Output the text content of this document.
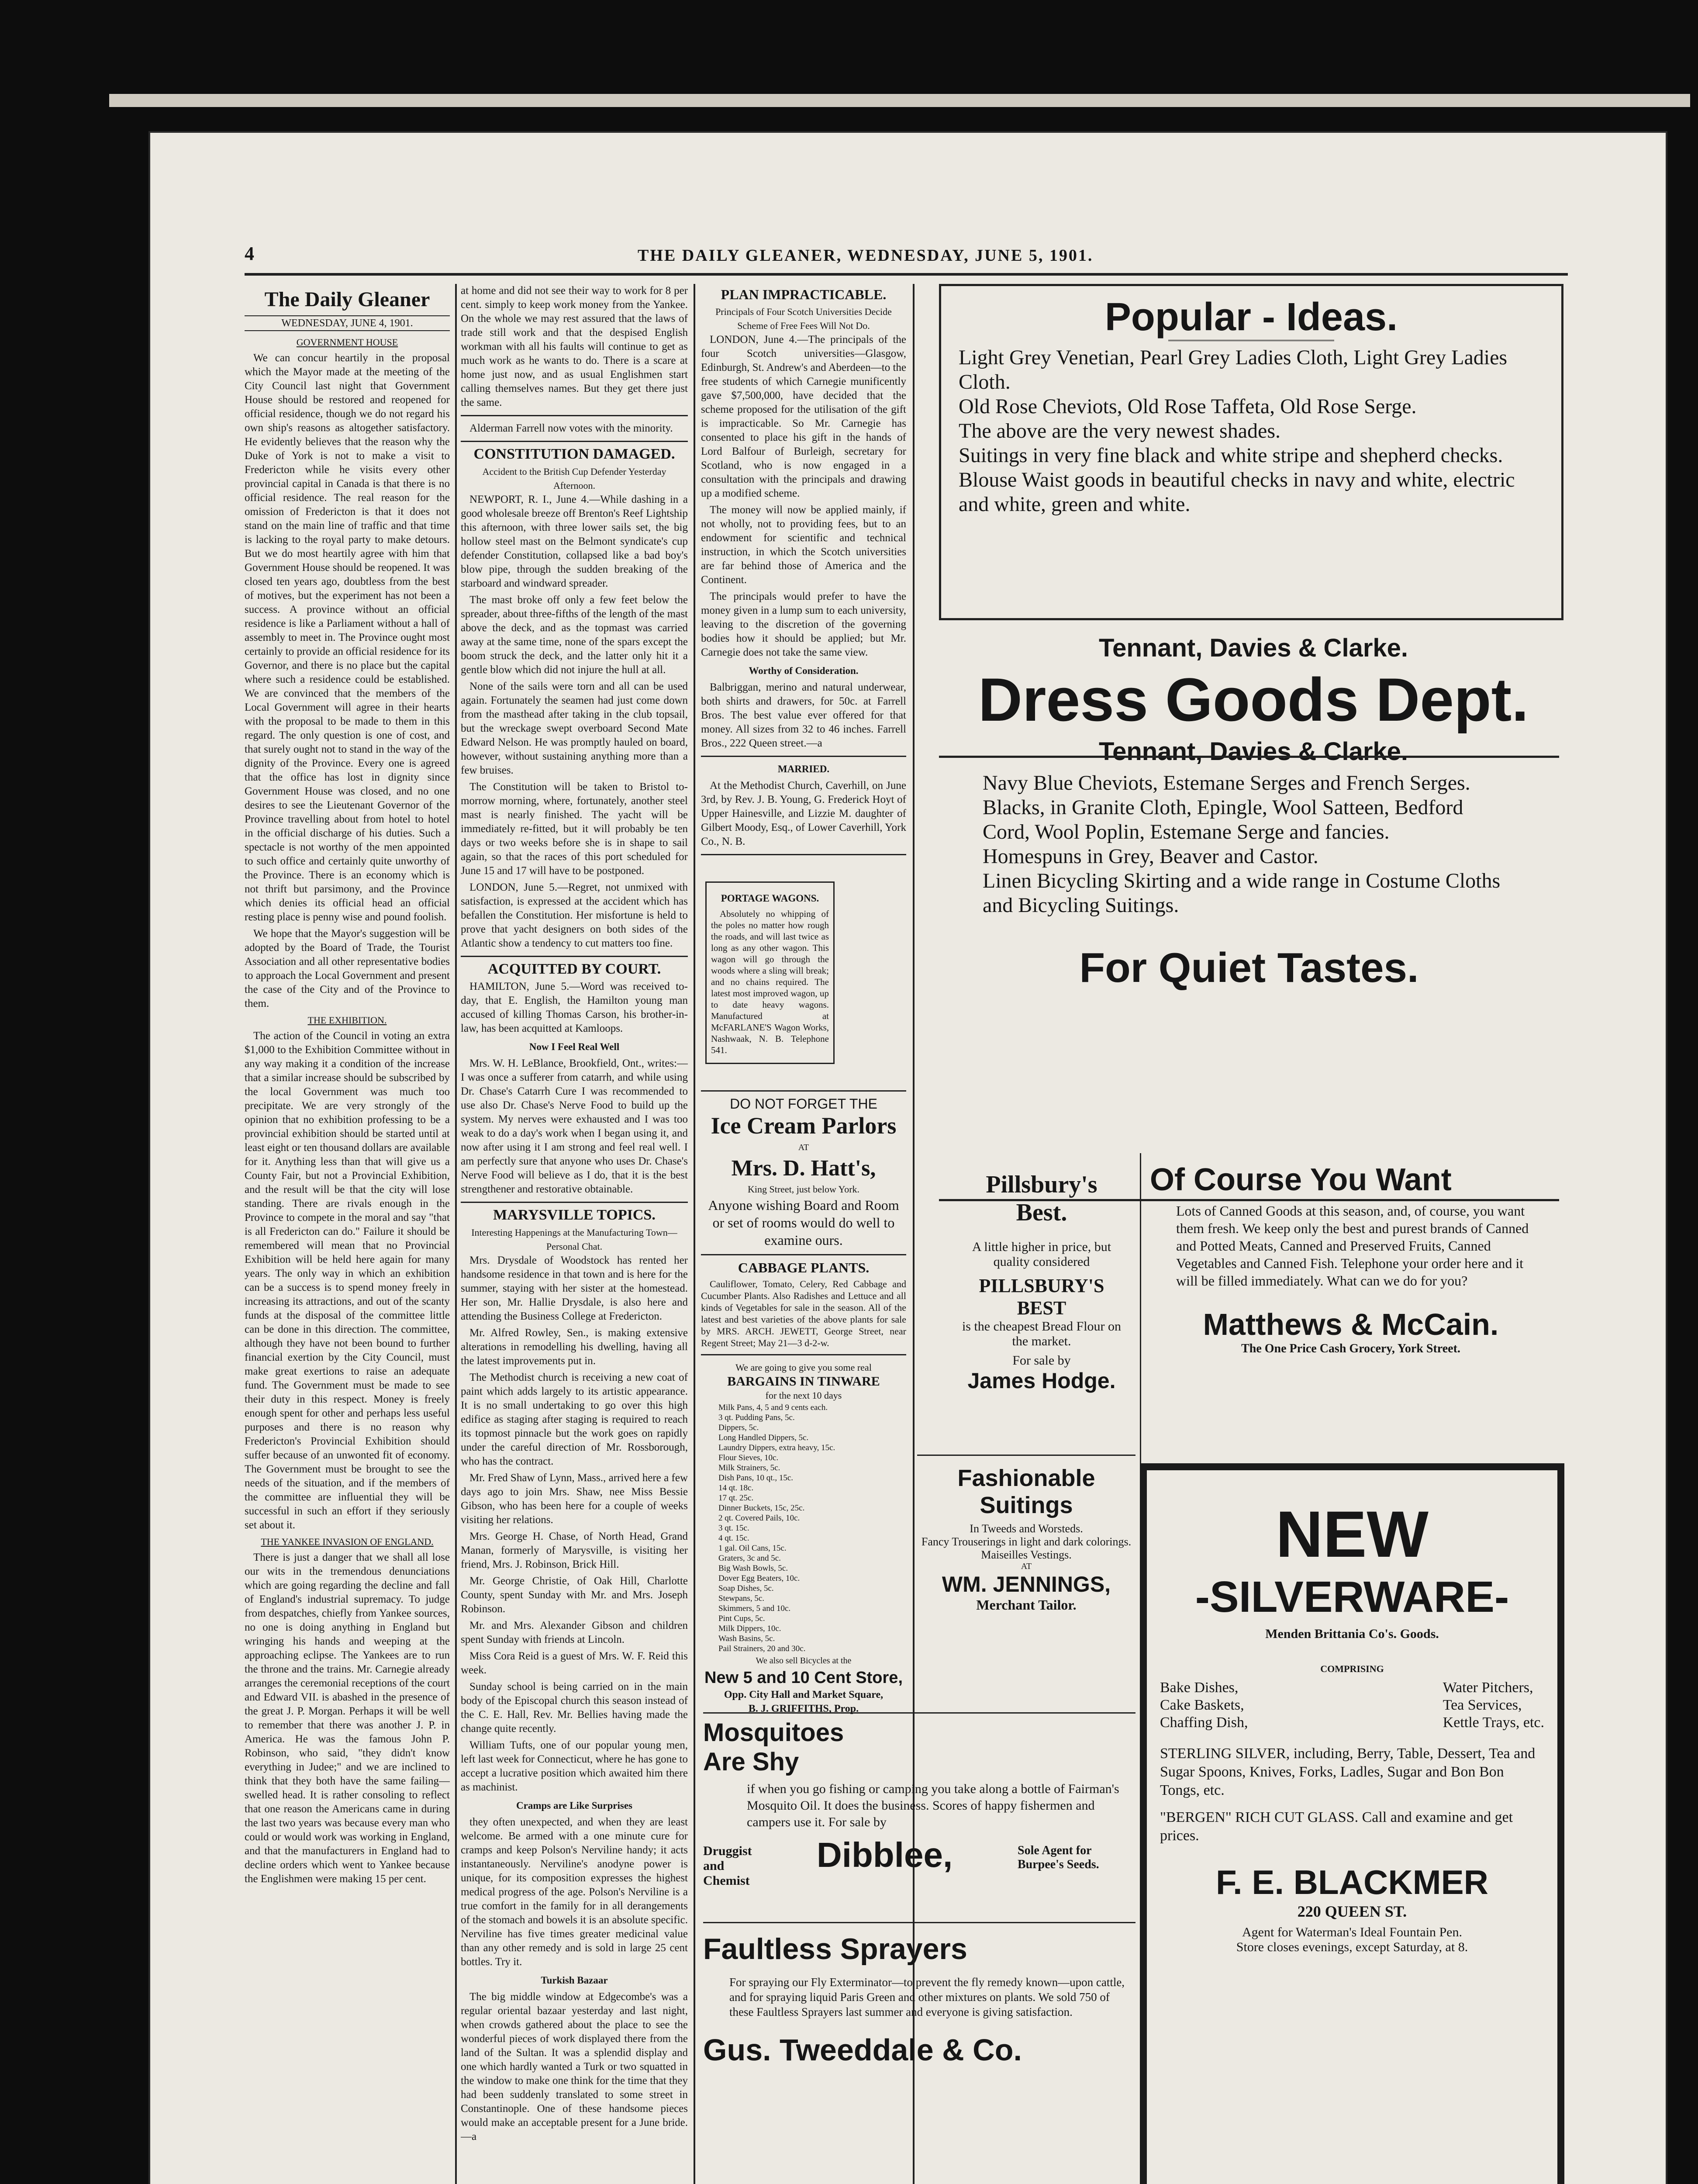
4	THE DAILY GLEANER, WEDNESDAY, JUNE 5, 1901.
The Daily Gleaner
WEDNESDAY, JUNE 4, 1901.
GOVERNMENT HOUSE

We can concur heartily in the proposal which the Mayor made at the meeting of the City Council last night that Government House should be restored and reopened for official residence, though we do not regard his own ship's reasons as altogether satisfactory. He evidently believes that the reason why the Duke of York is not to make a visit to Fredericton while he visits every other provincial capital in Canada is that there is no official residence. The real reason for the omission of Fredericton is that it does not stand on the main line of traffic and that time is lacking to the royal party to make detours. But we do most heartily agree with him that Government House should be reopened. It was closed ten years ago, doubtless from the best of motives, but the experiment has not been a success. A province without an official residence is like a Parliament without a hall of assembly to meet in. The Province ought most certainly to provide an official residence for its Governor, and there is no place but the capital where such a residence could be established. We are convinced that the members of the Local Government will agree in their hearts with the proposal to be made to them in this regard. The only question is one of cost, and that surely ought not to stand in the way of the dignity of the Province. Every one is agreed that the office has lost in dignity since Government House was closed, and no one desires to see the Lieutenant Governor of the Province travelling about from hotel to hotel in the official discharge of his duties. Such a spectacle is not worthy of the men appointed to such office and certainly quite unworthy of the Province. There is an economy which is not thrift but parsimony, and the Province which denies its official head an official resting place is penny wise and pound foolish.

We hope that the Mayor's suggestion will be adopted by the Board of Trade, the Tourist Association and all other representative bodies to approach the Local Government and present the case of the City and of the Province to them.

THE EXHIBITION.

The action of the Council in voting an extra $1,000 to the Exhibition Committee without in any way making it a condition of the increase that a similar increase should be subscribed by the local Government was much too precipitate. We are very strongly of the opinion that no exhibition professing to be a provincial exhibition should be started until at least eight or ten thousand dollars are available for it. Anything less than that will give us a County Fair, but not a Provincial Exhibition, and the result will be that the city will lose standing. There are rivals enough in the Province to compete in the moral and say "that is all Fredericton can do." Failure it should be remembered will mean that no Provincial Exhibition will be held here again for many years. The only way in which an exhibition can be a success is to spend money freely in increasing its attractions, and out of the scanty funds at the disposal of the committee little can be done in this direction. The committee, although they have not been bound to further financial exertion by the City Council, must make great exertions to raise an adequate fund. The Government must be made to see their duty in this respect. Money is freely enough spent for other and perhaps less useful purposes and there is no reason why Fredericton's Provincial Exhibition should suffer because of an unwonted fit of economy. The Government must be brought to see the needs of the situation, and if the members of the committee are influential they will be successful in such an effort if they seriously set about it.

THE YANKEE INVASION OF ENGLAND.

There is just a danger that we shall all lose our wits in the tremendous denunciations which are going regarding the decline and fall of England's industrial supremacy. To judge from despatches, chiefly from Yankee sources, no one is doing anything in England but wringing his hands and weeping at the approaching eclipse. The Yankees are to run the throne and the trains. Mr. Carnegie already arranges the ceremonial receptions of the court and Edward VII. is abashed in the presence of the great J. P. Morgan. Perhaps it will be well to remember that there was another J. P. in America. He was the famous John P. Robinson, who said, "they didn't know everything in Judee;" and we are inclined to think that they both have the same failing—swelled head. It is rather consoling to reflect that one reason the Americans came in during the last two years was because every man who could or would work was working in England, and that the manufacturers in England had to decline orders which went to Yankee because the Englishmen were making 15 per cent.

at home and did not see their way to work for 8 per cent. simply to keep work money from the Yankee. On the whole we may rest assured that the laws of trade still work and that the despised English workman with all his faults will continue to get as much work as he wants to do. There is a scare at home just now, and as usual Englishmen start calling themselves names. But they get there just the same.

Alderman Farrell now votes with the minority.

CONSTITUTION DAMAGED.
Accident to the British Cup Defender Yesterday Afternoon.

NEWPORT, R. I., June 4.—While dashing in a good wholesale breeze off Brenton's Reef Lightship this afternoon, with three lower sails set, the big hollow steel mast on the Belmont syndicate's cup defender Constitution, collapsed like a bad boy's blow pipe, through the sudden breaking of the starboard and windward spreader.

The mast broke off only a few feet below the spreader, about three-fifths of the length of the mast above the deck, and as the topmast was carried away at the same time, none of the spars except the boom struck the deck, and the latter only hit it a gentle blow which did not injure the hull at all.

None of the sails were torn and all can be used again. Fortunately the seamen had just come down from the masthead after taking in the club topsail, but the wreckage swept overboard Second Mate Edward Nelson. He was promptly hauled on board, however, without sustaining anything more than a few bruises.

The Constitution will be taken to Bristol to-morrow morning, where, fortunately, another steel mast is nearly finished. The yacht will be immediately re-fitted, but it will probably be ten days or two weeks before she is in shape to sail again, so that the races of this port scheduled for June 15 and 17 will have to be postponed.

LONDON, June 5.—Regret, not unmixed with satisfaction, is expressed at the accident which has befallen the Constitution. Her misfortune is held to prove that yacht designers on both sides of the Atlantic show a tendency to cut matters too fine.

ACQUITTED BY COURT.

HAMILTON, June 5.—Word was received to-day, that E. English, the Hamilton young man accused of killing Thomas Carson, his brother-in-law, has been acquitted at Kamloops.

Now I Feel Real Well

Mrs. W. H. LeBlance, Brookfield, Ont., writes:—I was once a sufferer from catarrh, and while using Dr. Chase's Catarrh Cure I was recommended to use also Dr. Chase's Nerve Food to build up the system. My nerves were exhausted and I was too weak to do a day's work when I began using it, and now after using it I am strong and feel real well. I am perfectly sure that anyone who uses Dr. Chase's Nerve Food will believe as I do, that it is the best strengthener and restorative obtainable.

MARYSVILLE TOPICS.
Interesting Happenings at the Manufacturing Town—Personal Chat.

Mrs. Drysdale of Woodstock has rented her handsome residence in that town and is here for the summer, staying with her sister at the homestead. Her son, Mr. Hallie Drysdale, is also here and attending the Business College at Fredericton.

Mr. Alfred Rowley, Sen., is making extensive alterations in remodelling his dwelling, having all the latest improvements put in.

The Methodist church is receiving a new coat of paint which adds largely to its artistic appearance. It is no small undertaking to go over this high edifice as staging after staging is required to reach its topmost pinnacle but the work goes on rapidly under the careful direction of Mr. Rossborough, who has the contract.

Mr. Fred Shaw of Lynn, Mass., arrived here a few days ago to join Mrs. Shaw, nee Miss Bessie Gibson, who has been here for a couple of weeks visiting her relations.

Mrs. George H. Chase, of North Head, Grand Manan, formerly of Marysville, is visiting her friend, Mrs. J. Robinson, Brick Hill.

Mr. George Christie, of Oak Hill, Charlotte County, spent Sunday with Mr. and Mrs. Joseph Robinson.

Mr. and Mrs. Alexander Gibson and children spent Sunday with friends at Lincoln.

Miss Cora Reid is a guest of Mrs. W. F. Reid this week.

Sunday school is being carried on in the main body of the Episcopal church this season instead of the C. E. Hall, Rev. Mr. Bellies having made the change quite recently.

William Tufts, one of our popular young men, left last week for Connecticut, where he has gone to accept a lucrative position which awaited him there as machinist.

Cramps are Like Surprises

they often unexpected, and when they are least welcome. Be armed with a one minute cure for cramps and keep Polson's Nerviline handy; it acts instantaneously. Nerviline's anodyne power is unique, for its composition expresses the highest medical progress of the age. Polson's Nerviline is a true comfort in the family for in all derangements of the stomach and bowels it is an absolute specific. Nerviline has five times greater medicinal value than any other remedy and is sold in large 25 cent bottles. Try it.

Turkish Bazaar

The big middle window at Edgecombe's was a regular oriental bazaar yesterday and last night, when crowds gathered about the place to see the wonderful pieces of work displayed there from the land of the Sultan. It was a splendid display and one which hardly wanted a Turk or two squatted in the window to make one think for the time that they had been suddenly translated to some street in Constantinople. One of these handsome pieces would make an acceptable present for a June bride.—a

PLAN IMPRACTICABLE.
Principals of Four Scotch Universities Decide Scheme of Free Fees Will Not Do.

LONDON, June 4.—The principals of the four Scotch universities—Glasgow, Edinburgh, St. Andrew's and Aberdeen—to the free students of which Carnegie munificently gave $7,500,000, have decided that the scheme proposed for the utilisation of the gift is impracticable. So Mr. Carnegie has consented to place his gift in the hands of Lord Balfour of Burleigh, secretary for Scotland, who is now engaged in a consultation with the principals and drawing up a modified scheme.

The money will now be applied mainly, if not wholly, not to providing fees, but to an endowment for scientific and technical instruction, in which the Scotch universities are far behind those of America and the Continent.

The principals would prefer to have the money given in a lump sum to each university, leaving to the discretion of the governing bodies how it should be applied; but Mr. Carnegie does not take the same view.

Worthy of Consideration.

Balbriggan, merino and natural underwear, both shirts and drawers, for 50c. at Farrell Bros. The best value ever offered for that money. All sizes from 32 to 46 inches. Farrell Bros., 222 Queen street.—a

MARRIED.

At the Methodist Church, Caverhill, on June 3rd, by Rev. J. B. Young, G. Frederick Hoyt of Upper Hainesville, and Lizzie M. daughter of Gilbert Moody, Esq., of Lower Caverhill, York Co., N. B.

PORTAGE WAGONS.

Absolutely no whipping of the poles no matter how rough the roads, and will last twice as long as any other wagon. This wagon will go through the woods where a sling will break; and no chains required. The latest most improved wagon, up to date heavy wagons. Manufactured at McFARLANE'S Wagon Works, Nashwaak, N. B. Telephone 541.

DO NOT FORGET THE
Ice Cream Parlors
AT
Mrs. D. Hatt's,
King Street, just below York.

Anyone wishing Board and Room or set of rooms would do well to examine ours.

CABBAGE PLANTS.

Cauliflower, Tomato, Celery, Red Cabbage and Cucumber Plants. Also Radishes and Lettuce and all kinds of Vegetables for sale in the season. All of the latest and best varieties of the above plants for sale by MRS. ARCH. JEWETT, George Street, near Regent Street; May 21—3 d-2-w.

We are going to give you some real
BARGAINS IN TINWARE
for the next 10 days
Milk Pans, 4, 5 and 9 cents each.
3 qt. Pudding Pans, 5c.
Dippers, 5c.
Long Handled Dippers, 5c.
Laundry Dippers, extra heavy, 15c.
Flour Sieves, 10c.
Milk Strainers, 5c.
Dish Pans, 10 qt., 15c.
14 qt. 18c.
17 qt. 25c.
Dinner Buckets, 15c, 25c.
2 qt. Covered Pails, 10c.
3 qt. 15c.
4 qt. 15c.
1 gal. Oil Cans, 15c.
Graters, 3c and 5c.
Big Wash Bowls, 5c.
Dover Egg Beaters, 10c.
Soap Dishes, 5c.
Stewpans, 5c.
Skimmers, 5 and 10c.
Pint Cups, 5c.
Milk Dippers, 10c.
Wash Basins, 5c.
Pail Strainers, 20 and 30c.
We also sell Bicycles at the
New 5 and 10 Cent Store,
Opp. City Hall and Market Square,
B. J. GRIFFITHS, Prop.
Popular - Ideas.

Light Grey Venetian, Pearl Grey Ladies Cloth, Light Grey Ladies Cloth.

Old Rose Cheviots, Old Rose Taffeta, Old Rose Serge.

The above are the very newest shades.

Suitings in very fine black and white stripe and shepherd checks.

Blouse Waist goods in beautiful checks in navy and white, electric and white, green and white.

Tennant, Davies & Clarke.
Dress Goods Dept.
Tennant, Davies & Clarke.

Navy Blue Cheviots, Estemane Serges and French Serges.

Blacks, in Granite Cloth, Epingle, Wool Satteen, Bedford Cord, Wool Poplin, Estemane Serge and fancies.

Homespuns in Grey, Beaver and Castor.

Linen Bicycling Skirting and a wide range in Costume Cloths and Bicycling Suitings.

For Quiet Tastes.
Pillsbury's Best.
A little higher in price, but quality considered
PILLSBURY'S BEST
is the cheapest Bread Flour on the market.
For sale by
James Hodge.
Fashionable
Suitings
In Tweeds and Worsteds.
Fancy Trouserings in light and dark colorings.
Maiseilles Vestings.
AT
WM. JENNINGS,
Merchant Tailor.
Mosquitoes
Are Shy

if when you go fishing or camping you take along a bottle of Fairman's Mosquito Oil. It does the business. Scores of happy fishermen and campers use it. For sale by

Druggist and Chemist
Dibblee,	Sole Agent for Burpee's Seeds.
Faultless Sprayers

For spraying our Fly Exterminator—to prevent the fly remedy known—upon cattle, and for spraying liquid Paris Green and other mixtures on plants. We sold 750 of these Faultless Sprayers last summer and everyone is giving satisfaction.

Gus. Tweeddale & Co.
Of Course You Want

Lots of Canned Goods at this season, and, of course, you want them fresh. We keep only the best and purest brands of Canned and Potted Meats, Canned and Preserved Fruits, Canned Vegetables and Canned Fish. Telephone your order here and it will be filled immediately. What can we do for you?

Matthews & McCain.
The One Price Cash Grocery, York Street.
NEW
-SILVERWARE-
Menden Brittania Co's. Goods.
COMPRISING
Bake Dishes,
Cake Baskets,
Chaffing Dish,
Water Pitchers,
Tea Services,
Kettle Trays, etc.

STERLING SILVER, including, Berry, Table, Dessert, Tea and Sugar Spoons, Knives, Forks, Ladles, Sugar and Bon Bon Tongs, etc.

"BERGEN" RICH CUT GLASS. Call and examine and get prices.

F. E. BLACKMER
220 QUEEN ST.
Agent for Waterman's Ideal Fountain Pen.
Store closes evenings, except Saturday, at 8.
